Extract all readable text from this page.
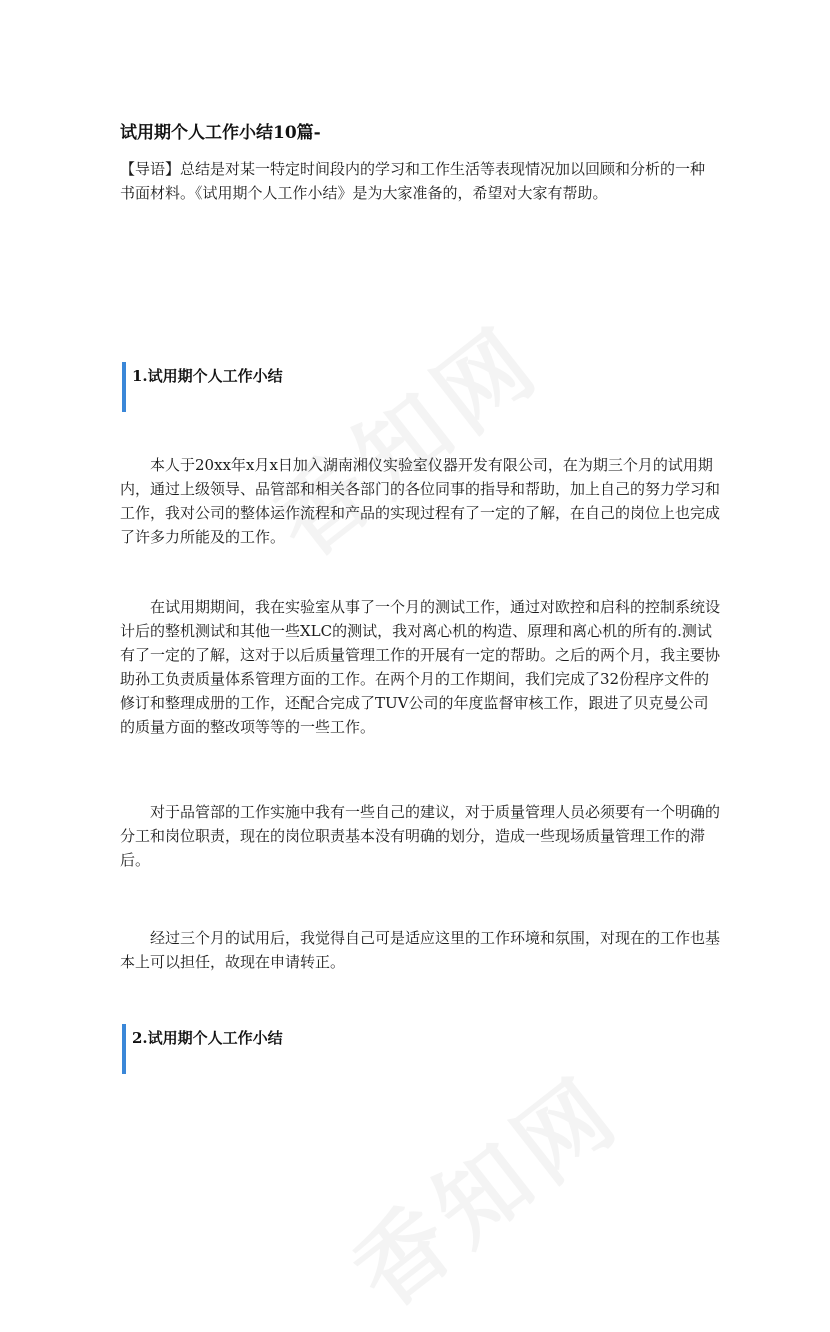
试用期个人工作小结10篇-

【导语】总结是对某一特定时间段内的学习和工作生活等表现情况加以回顾和分析的一种书面材料。《试用期个人工作小结》是为大家准备的，希望对大家有帮助。

1.试用期个人工作小结

本人于20xx年x月x日加入湖南湘仪实验室仪器开发有限公司，在为期三个月的试用期内，通过上级领导、品管部和相关各部门的各位同事的指导和帮助，加上自己的努力学习和工作，我对公司的整体运作流程和产品的实现过程有了一定的了解，在自己的岗位上也完成了许多力所能及的工作。

在试用期期间，我在实验室从事了一个月的测试工作，通过对欧控和启科的控制系统设计后的整机测试和其他一些XLC的测试，我对离心机的构造、原理和离心机的所有的.测试有了一定的了解，这对于以后质量管理工作的开展有一定的帮助。之后的两个月，我主要协助孙工负责质量体系管理方面的工作。在两个月的工作期间，我们完成了32份程序文件的修订和整理成册的工作，还配合完成了TUV公司的年度监督审核工作，跟进了贝克曼公司的质量方面的整改项等等的一些工作。

对于品管部的工作实施中我有一些自己的建议，对于质量管理人员必须要有一个明确的分工和岗位职责，现在的岗位职责基本没有明确的划分，造成一些现场质量管理工作的滞后。

经过三个月的试用后，我觉得自己可是适应这里的工作环境和氛围，对现在的工作也基本上可以担任，故现在申请转正。

2.试用期个人工作小结
